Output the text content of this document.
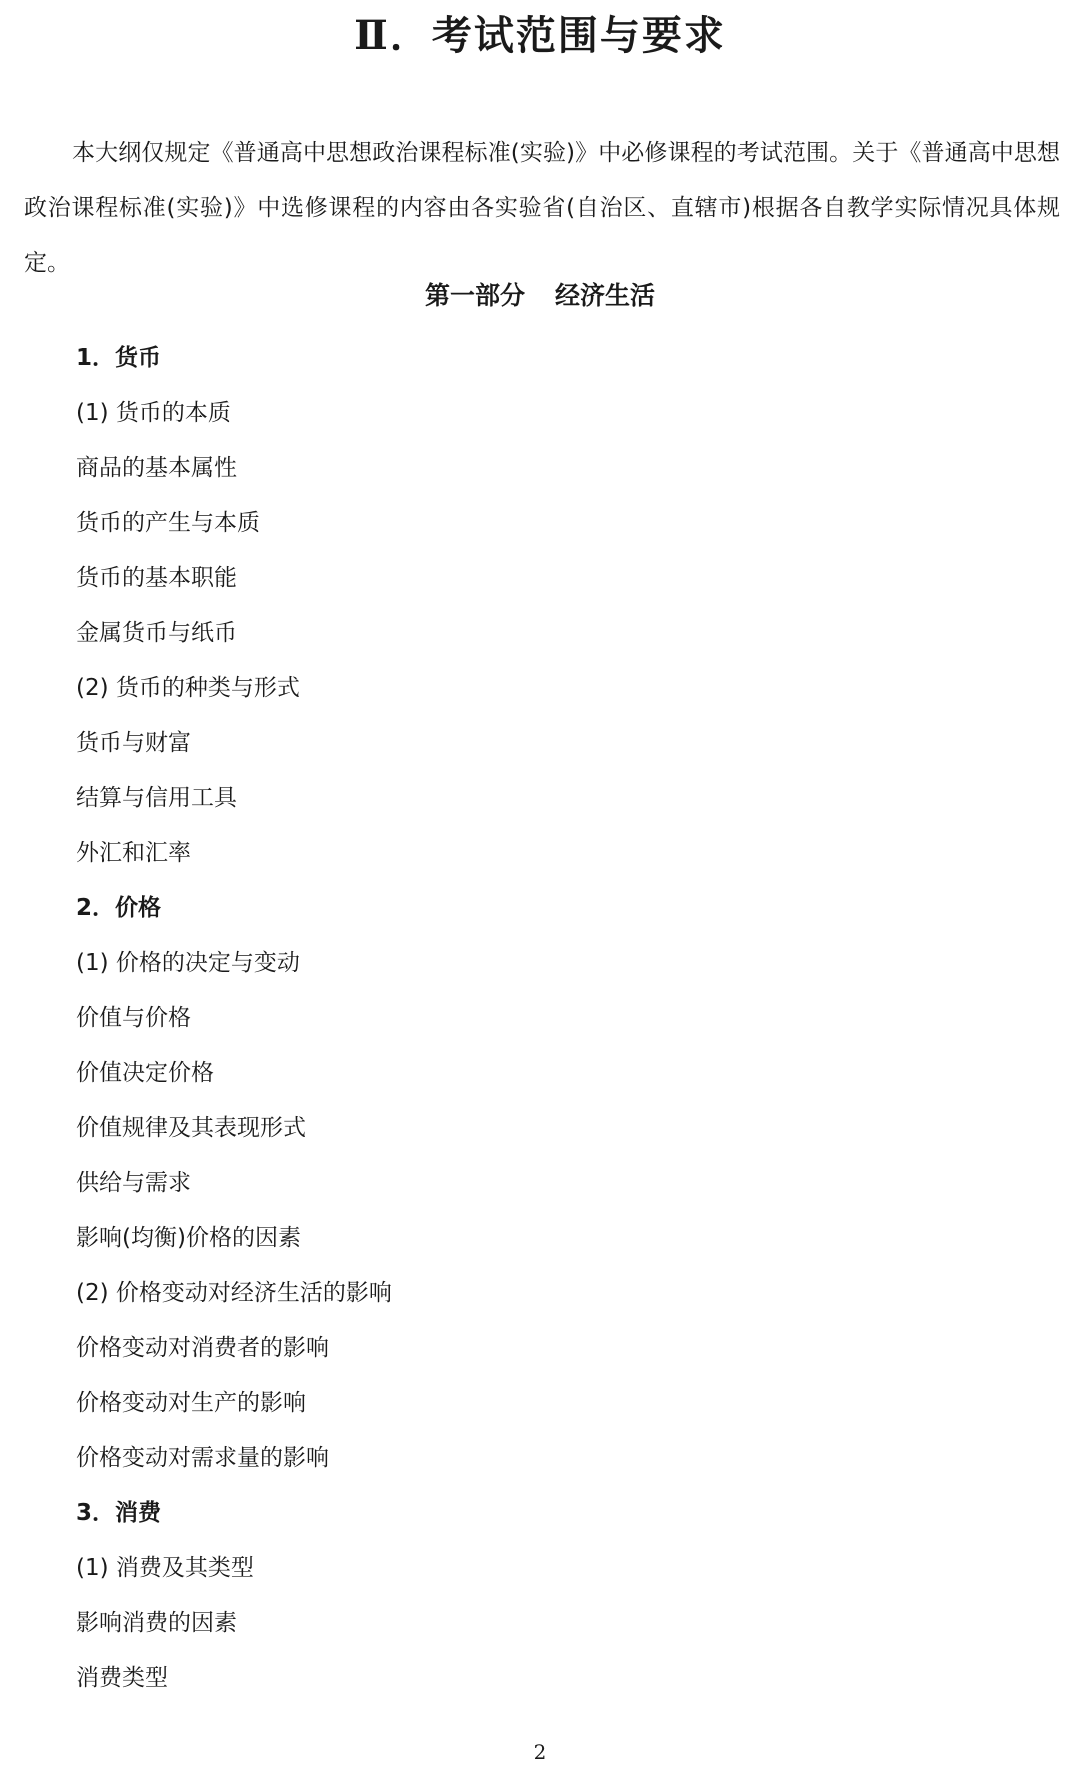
Ⅱ．考试范围与要求

本大纲仅规定《普通高中思想政治课程标准(实验)》中必修课程的考试范围。关于《普通高中思想政治课程标准(实验)》中选修课程的内容由各实验省(自治区、直辖市)根据各自教学实际情况具体规定。

第一部分 经济生活
1．货币
(1) 货币的本质
商品的基本属性
货币的产生与本质
货币的基本职能
金属货币与纸币
(2) 货币的种类与形式
货币与财富
结算与信用工具
外汇和汇率
2．价格
(1) 价格的决定与变动
价值与价格
价值决定价格
价值规律及其表现形式
供给与需求
影响(均衡)价格的因素
(2) 价格变动对经济生活的影响
价格变动对消费者的影响
价格变动对生产的影响
价格变动对需求量的影响
3．消费
(1) 消费及其类型
影响消费的因素
消费类型
2
